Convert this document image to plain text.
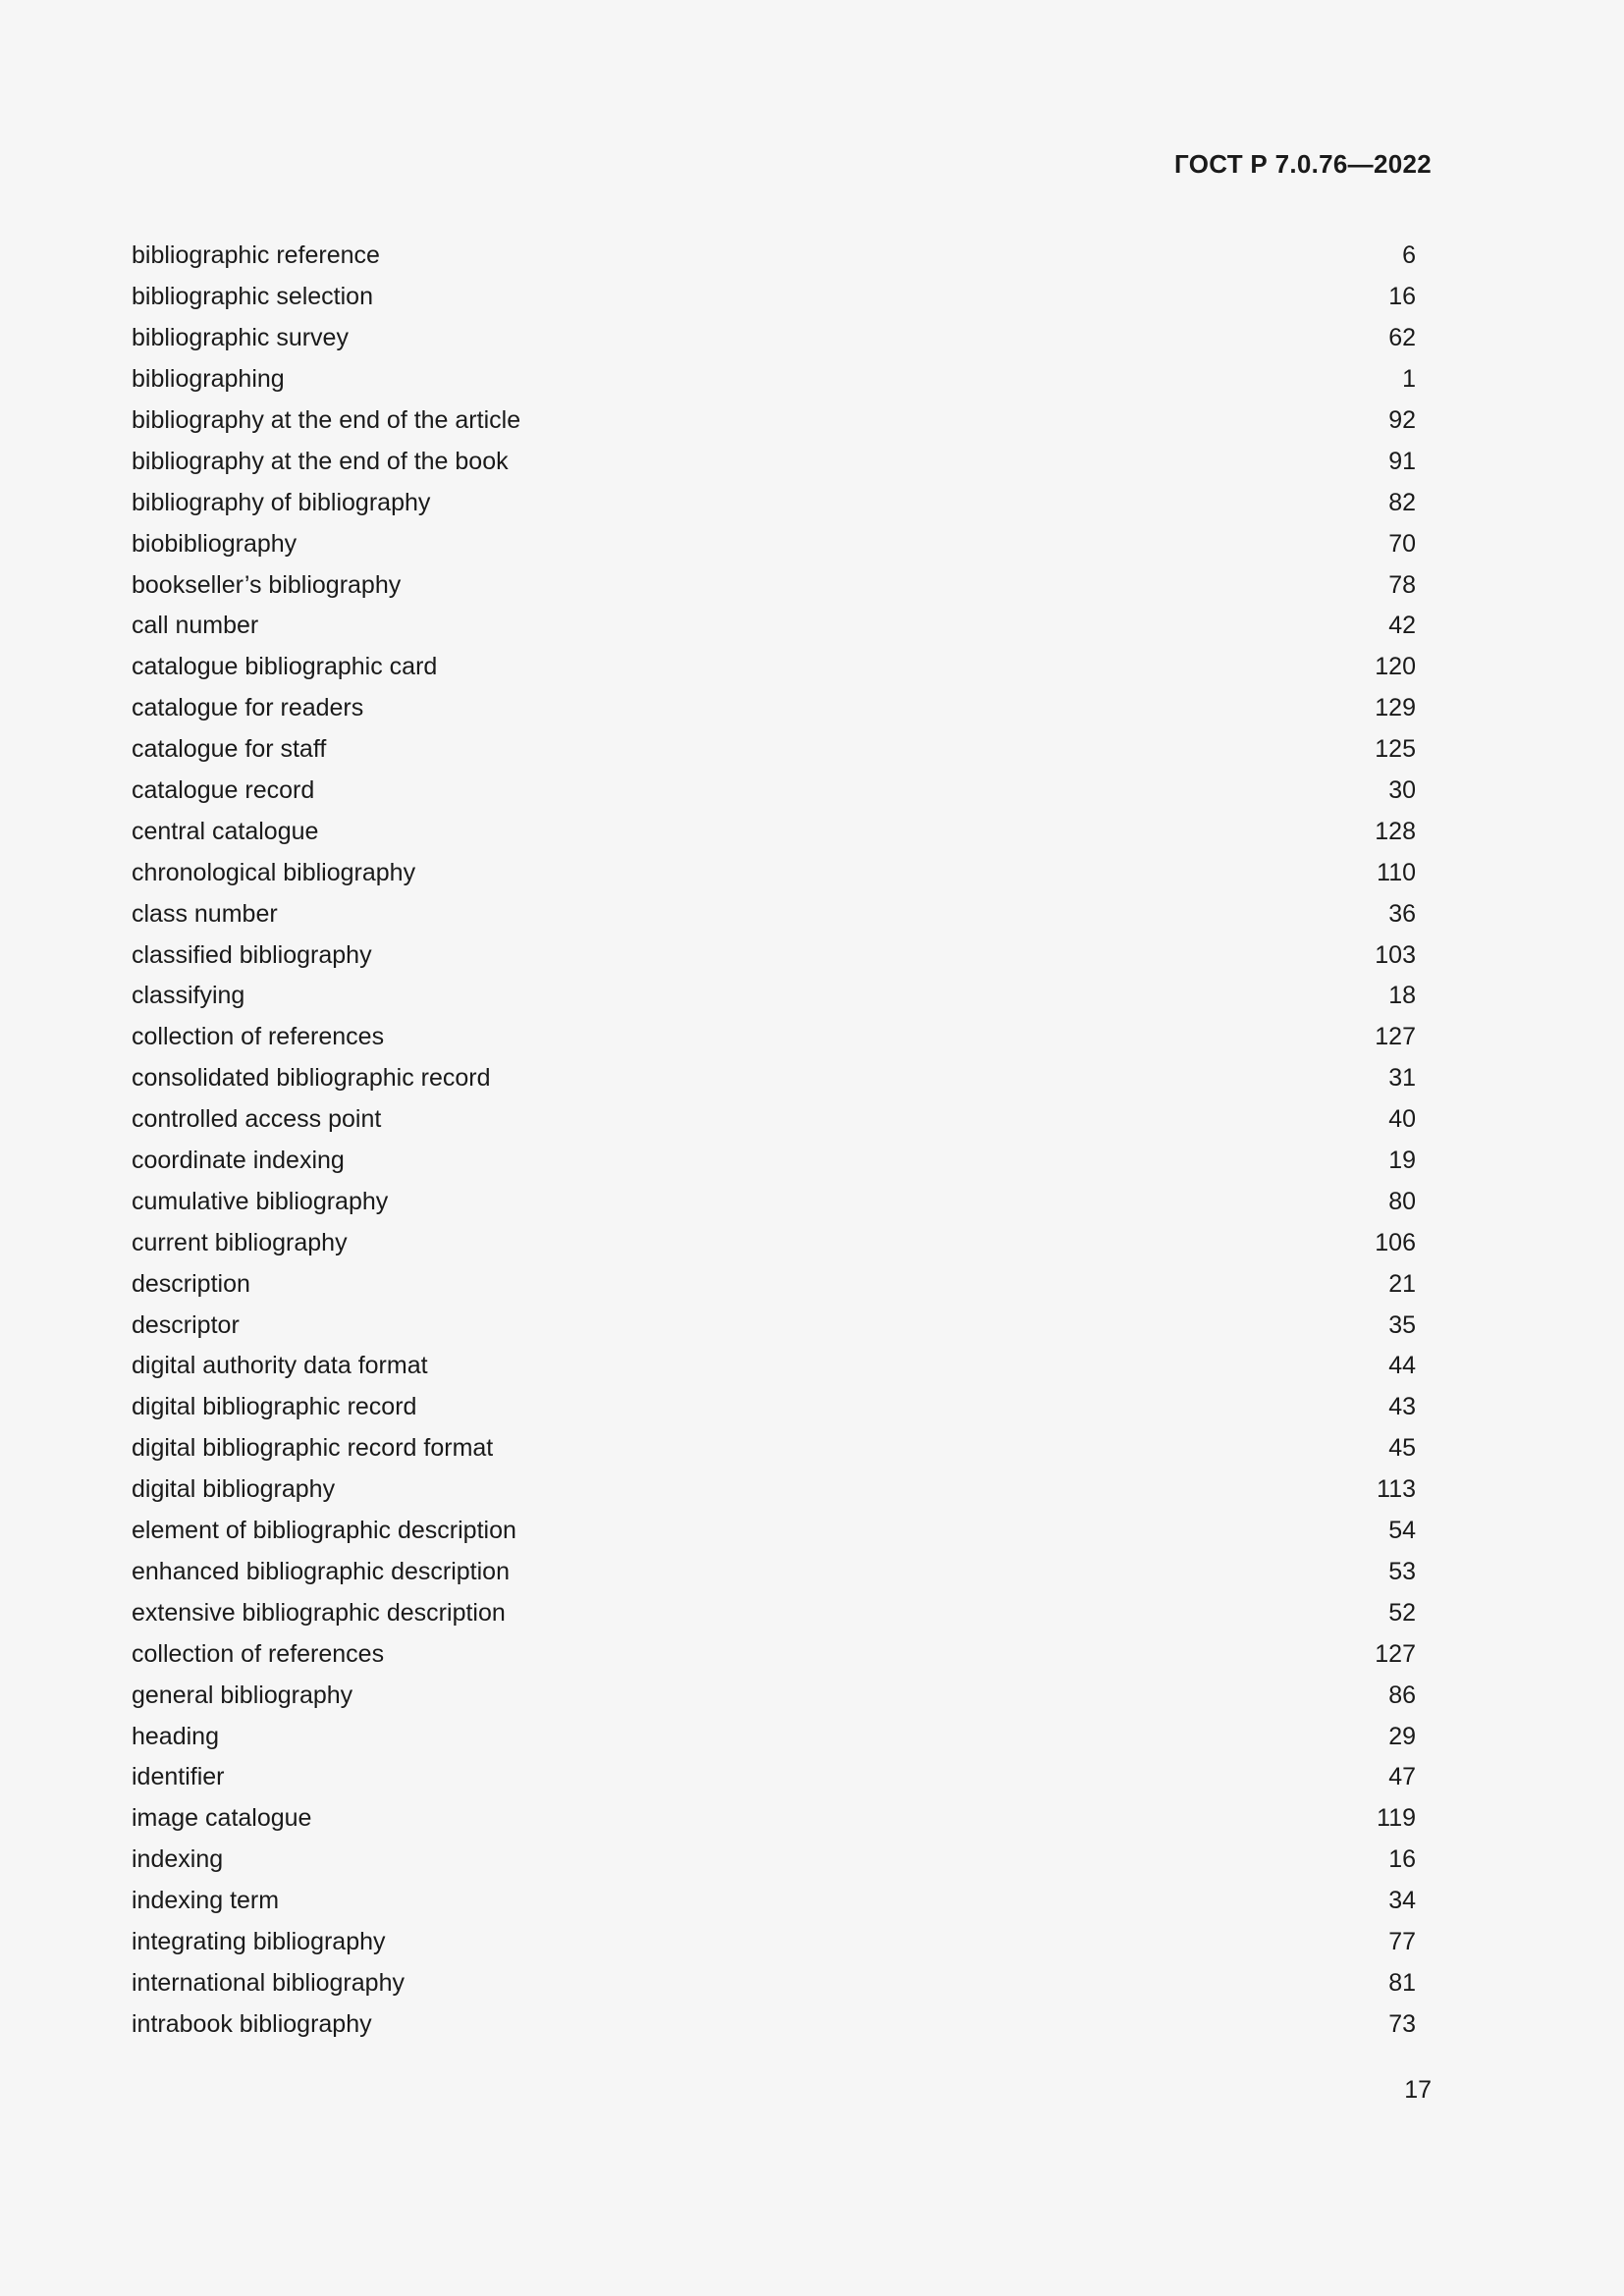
ГОСТ Р 7.0.76—2022
bibliographic reference	6
bibliographic selection	16
bibliographic survey	62
bibliographing	1
bibliography at the end of the article	92
bibliography at the end of the book	91
bibliography of bibliography	82
biobibliography	70
bookseller’s bibliography	78
call number	42
catalogue bibliographic card	120
catalogue for readers	129
catalogue for staff	125
catalogue record	30
central catalogue	128
chronological bibliography	110
class number	36
classified bibliography	103
classifying	18
collection of references	127
consolidated bibliographic record	31
controlled access point	40
coordinate indexing	19
cumulative bibliography	80
current bibliography	106
description	21
descriptor	35
digital authority data format	44
digital bibliographic record	43
digital bibliographic record format	45
digital bibliography	113
element of bibliographic description	54
enhanced bibliographic description	53
extensive bibliographic description	52
collection of references	127
general bibliography	86
heading	29
identifier	47
image catalogue	119
indexing	16
indexing term	34
integrating bibliography	77
international bibliography	81
intrabook bibliography	73
17
